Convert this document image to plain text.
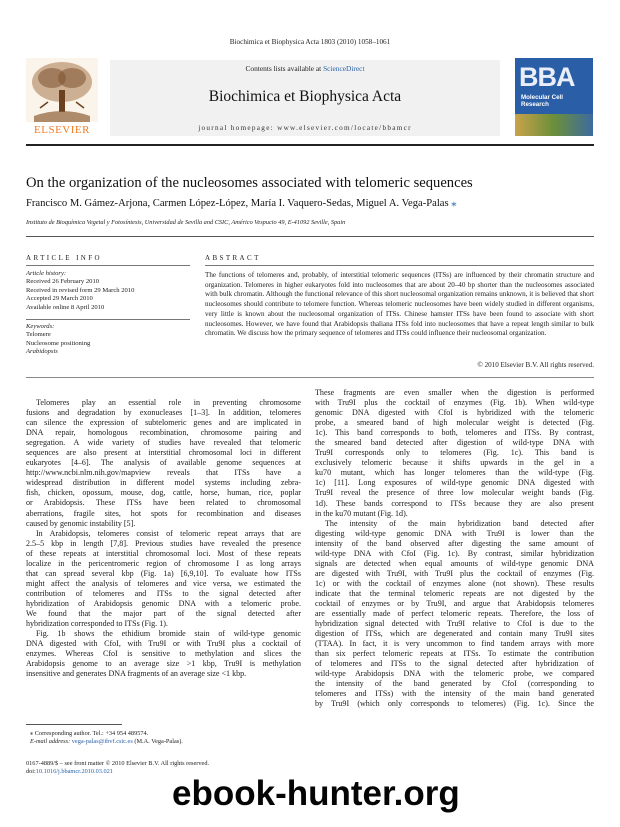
Biochimica et Biophysica Acta 1803 (2010) 1058–1061
ELSEVIER
Contents lists available at ScienceDirect
Biochimica et Biophysica Acta
journal homepage: www.elsevier.com/locate/bbamcr
BBA
Molecular Cell Research
On the organization of the nucleosomes associated with telomeric sequences
Francisco M. Gámez-Arjona, Carmen López-López, María I. Vaquero-Sedas, Miguel A. Vega-Palas ⁎
Instituto de Bioquímica Vegetal y Fotosíntesis, Universidad de Sevilla and CSIC, Américo Vespucio 49, E-41092 Seville, Spain
ARTICLE INFO
Article history:
Received 26 February 2010
Received in revised form 29 March 2010
Accepted 29 March 2010
Available online 8 April 2010
Keywords:
Telomere
Nucleosome positioning
Arabidopsis
ABSTRACT
The functions of telomeres and, probably, of interstitial telomeric sequences (ITSs) are influenced by their chromatin structure and organization. Telomeres in higher eukaryotes fold into nucleosomes that are about 20–40 bp shorter than the nucleosomes associated with bulk chromatin. Although the functional relevance of this short nucleosomal organization remains unknown, it is believed that short nucleosomes should contribute to telomere function. Whereas telomeric nucleosomes have been widely studied in different organisms, very little is known about the nucleosomal organization of ITSs. Chinese hamster ITSs have been found to associate with short nucleosomes. However, we have found that Arabidopsis thaliana ITSs fold into nucleosomes that have a repeat length similar to bulk chromatin. We discuss how the primary sequence of telomeres and ITSs could influence their nucleosomal organization.
© 2010 Elsevier B.V. All rights reserved.
Telomeres play an essential role in preventing chromosome
fusions and degradation by exonucleases [1–3]. In addition, telomeres
can silence the expression of subtelomeric genes and are implicated in
DNA repair, homologous recombination, chromosome pairing and
segregation. A wide variety of studies have revealed that telomeric
sequences are also present at interstitial chromosomal loci in different
eukaryotes [4–6]. The analysis of available genome sequences at
http://www.ncbi.nlm.nih.gov/mapview reveals that ITSs have a
widespread distribution in different model systems including zebra-
fish, chicken, opossum, mouse, dog, cattle, horse, human, rice, poplar
or Arabidopsis. These ITSs have been related to chromosomal
aberrations, fragile sites, hot spots for recombination and diseases
caused by genomic instability [5].
In Arabidopsis, telomeres consist of telomeric repeat arrays that are
2.5–5 kbp in length [7,8]. Previous studies have revealed the presence
of these repeats at interstitial chromosomal loci. Most of these repeats
localize in the pericentromeric region of chromosome I as long arrays
that can spread several kbp (Fig. 1a) [6,9,10]. To evaluate how ITSs
might affect the analysis of telomeres and vice versa, we estimated the
contribution of telomeres and ITSs to the signal detected after
hybridization of Arabidopsis genomic DNA with a telomeric probe.
We found that the major part of the signal detected after
hybridization corresponded to ITSs (Fig. 1).
Fig. 1b shows the ethidium bromide stain of wild-type genomic
DNA digested with CfoI, with Tru9I or with Tru9I plus a cocktail of
enzymes. Whereas CfoI is sensitive to methylation and slices the
Arabidopsis genome to an average size >1 kbp, Tru9I is methylation
insensitive and generates DNA fragments of an average size <1 kbp.
These fragments are even smaller when the digestion is performed
with Tru9I plus the cocktail of enzymes (Fig. 1b). When wild-type
genomic DNA digested with CfoI is hybridized with the telomeric
probe, a smeared band of high molecular weight is detected (Fig.
1c). This band corresponds to both, telomeres and ITSs. By contrast,
the smeared band detected after digestion of wild-type DNA with
Tru9I corresponds only to telomeres (Fig. 1c). This band is
exclusively telomeric because it shifts upwards in the gel in a
ku70 mutant, which has longer telomeres than the wild-type (Fig.
1c) [11]. Long exposures of wild-type genomic DNA digested with
Tru9I reveal the presence of three low molecular weight bands (Fig.
1d). These bands correspond to ITSs because they are also present
in the ku70 mutant (Fig. 1d).
The intensity of the main hybridization band detected after
digesting wild-type genomic DNA with Tru9I is lower than the
intensity of the band observed after digesting the same amount of
wild-type DNA with CfoI (Fig. 1c). By contrast, similar hybridization
signals are detected when equal amounts of wild-type genomic DNA
are digested with Tru9I, with Tru9I plus the cocktail of enzymes (Fig.
1c) or with the cocktail of enzymes alone (not shown). These results
indicate that the terminal telomeric repeats are not digested by the
cocktail of enzymes or by Tru9I, and argue that Arabidopsis telomeres
are essentially made of perfect telomeric repeats. Therefore, the loss of
hybridization signal detected with Tru9I relative to CfoI is due to the
digestion of ITSs, which are degenerated and contain many Tru9I sites
(TTAA). In fact, it is very uncommon to find tandem arrays with more
than six perfect telomeric repeats at ITSs. To estimate the contribution
of telomeres and ITSs to the signal detected after hybridization of
wild-type Arabidopsis DNA with the telomeric probe, we compared
the intensity of the band generated by CfoI (corresponding to
telomeres and ITSs) with the intensity of the main band generated
by Tru9I (which only corresponds to telomeres) (Fig. 1c). Since the
⁎ Corresponding author. Tel.: +34 954 489574.
E-mail address: vega-palas@ibvf.csic.es (M.A. Vega-Palas).
0167-4889/$ – see front matter © 2010 Elsevier B.V. All rights reserved.
doi:10.1016/j.bbamcr.2010.03.021
ebook-hunter.org
